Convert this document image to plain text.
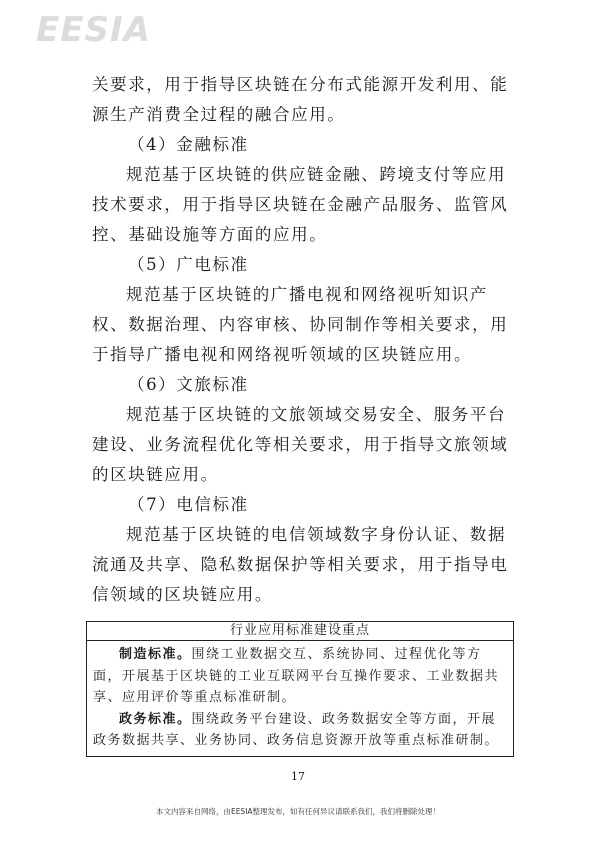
EESIA

关要求，用于指导区块链在分布式能源开发利用、能源生产消费全过程的融合应用。

（4）金融标准

规范基于区块链的供应链金融、跨境支付等应用技术要求，用于指导区块链在金融产品服务、监管风控、基础设施等方面的应用。

（5）广电标准

规范基于区块链的广播电视和网络视听知识产权、数据治理、内容审核、协同制作等相关要求，用于指导广播电视和网络视听领域的区块链应用。

（6）文旅标准

规范基于区块链的文旅领域交易安全、服务平台建设、业务流程优化等相关要求，用于指导文旅领域的区块链应用。

（7）电信标准

规范基于区块链的电信领域数字身份认证、数据流通及共享、隐私数据保护等相关要求，用于指导电信领域的区块链应用。

行业应用标准建设重点

制造标准。围绕工业数据交互、系统协同、过程优化等方面，开展基于区块链的工业互联网平台互操作要求、工业数据共享、应用评价等重点标准研制。

政务标准。围绕政务平台建设、政务数据安全等方面，开展政务数据共享、业务协同、政务信息资源开放等重点标准研制。

17
本文内容来自网络，由EESIA整理发布，如有任何异议请联系我们，我们将删除处理！
